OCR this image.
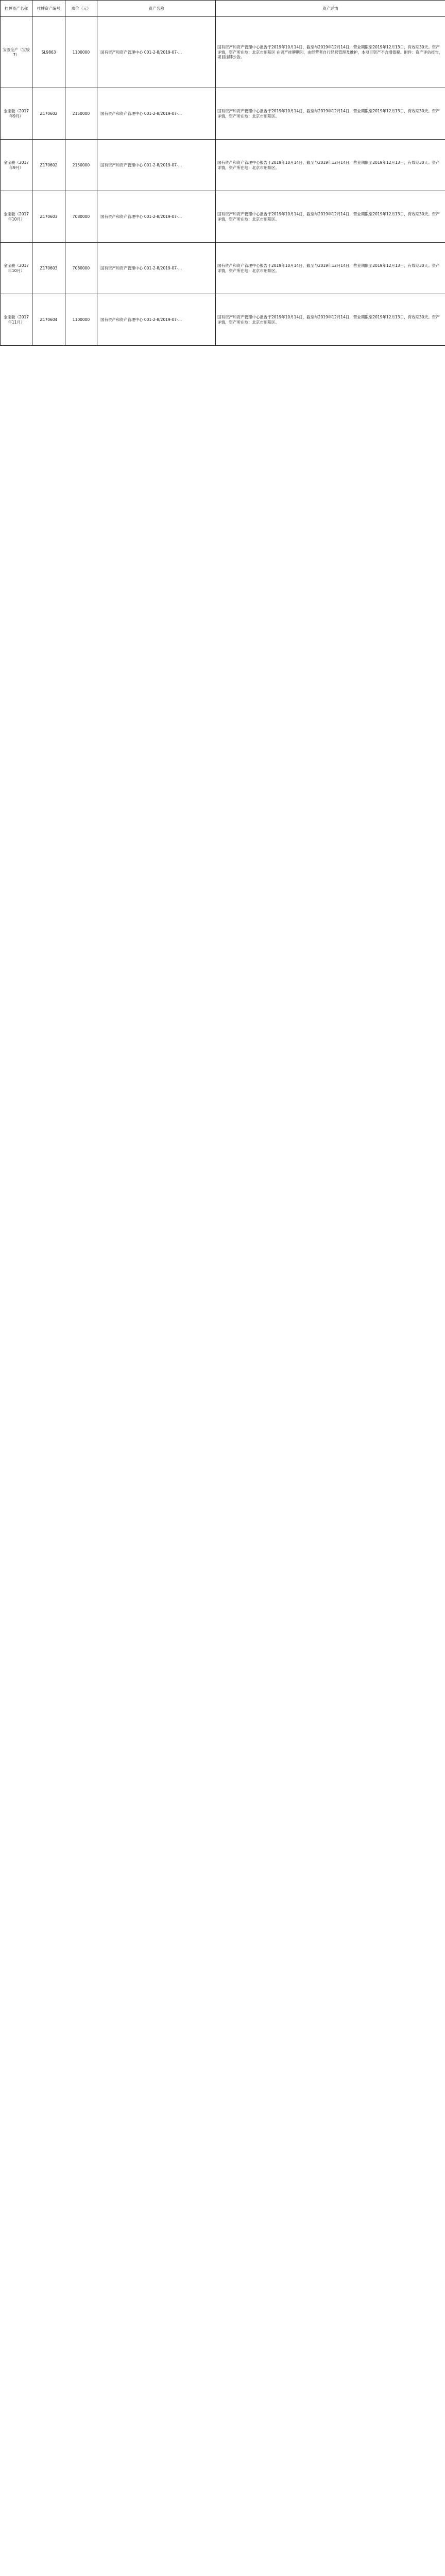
挂牌资产名称	挂牌资产编号	底价（元）	资产名称	资产详情
宝骏全产（宝骏 7）	SL9863	1100000	国有资产和资产管理中心 001-2-8/2019-07-…	国有资产和资产管理中心报告于2019年10月14日，截至与2019年12月14日，营业期限至2019年12月13日，有效期30天。资产详情，资产所在地：北京市朝阳区 在资产挂牌期间，由经营者自行经营管理及维护，本项目资产不含增值税。附件：资产评估报告，项目挂牌公告。
金宝骏（2017年9月）	Z170602	2150000	国有资产和资产管理中心 001-2-8/2019-07-…	国有资产和资产管理中心报告于2019年10月14日，截至与2019年12月14日，营业期限至2019年12月13日，有效期30天。资产详情，资产所在地：北京市朝阳区。
金宝骏（2017年9月）	Z170602	2150000	国有资产和资产管理中心 001-2-8/2019-07-…	国有资产和资产管理中心报告于2019年10月14日，截至与2019年12月14日，营业期限至2019年12月13日，有效期30天。资产详情，资产所在地：北京市朝阳区。
金宝骏（2017年10月）	Z170603	7080000	国有资产和资产管理中心 001-2-8/2019-07-…	国有资产和资产管理中心报告于2019年10月14日，截至与2019年12月14日，营业期限至2019年12月13日，有效期30天。资产详情，资产所在地：北京市朝阳区。
金宝骏（2017年10月）	Z170603	7080000	国有资产和资产管理中心 001-2-8/2019-07-…	国有资产和资产管理中心报告于2019年10月14日，截至与2019年12月14日，营业期限至2019年12月13日，有效期30天。资产详情，资产所在地：北京市朝阳区。
金宝骏（2017年11月）	Z170604	1100000	国有资产和资产管理中心 001-2-8/2019-07-…	国有资产和资产管理中心报告于2019年10月14日，截至与2019年12月14日，营业期限至2019年12月13日，有效期30天。资产详情，资产所在地：北京市朝阳区。
